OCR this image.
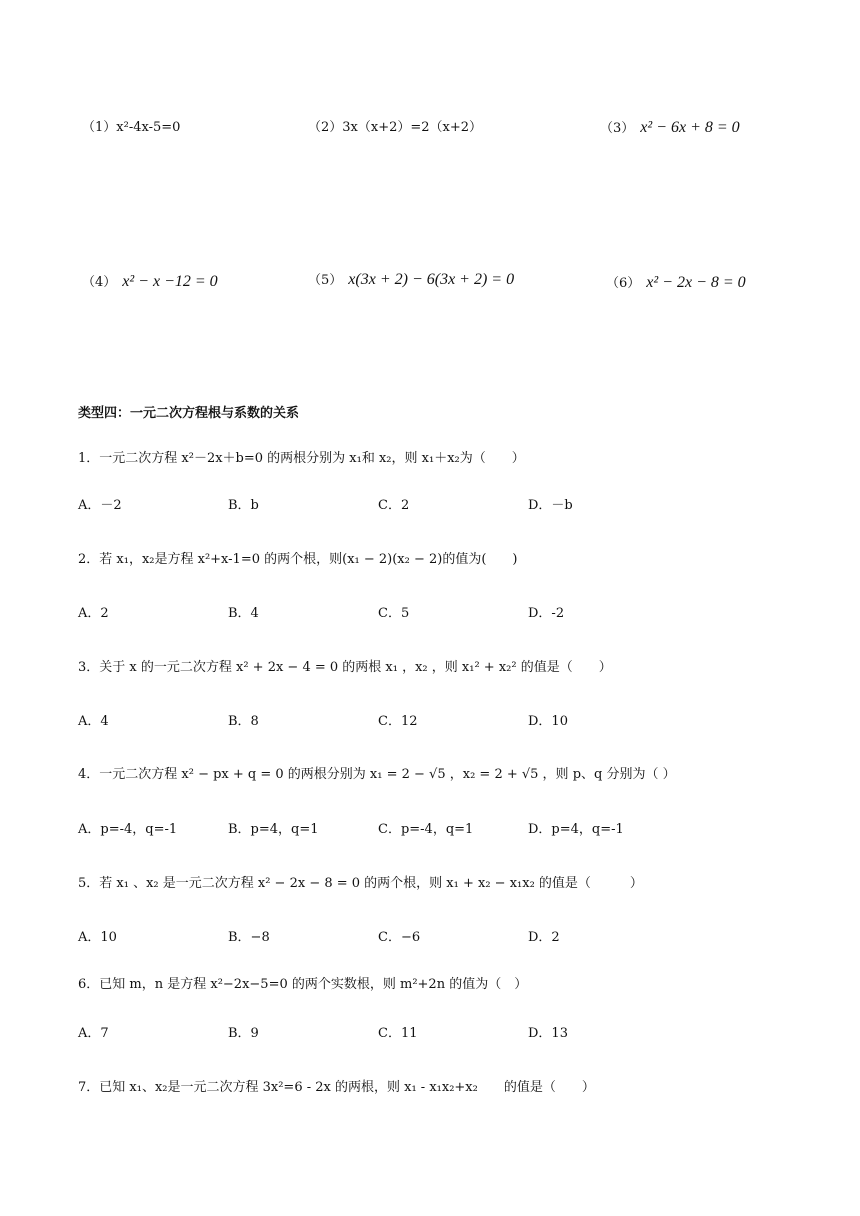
（1）x²-4x-5=0	（2）3x（x+2）=2（x+2）	（3） x² − 6x + 8 = 0
（4） x² − x −12 = 0	（5） x(3x + 2) − 6(3x + 2) = 0	（6） x² − 2x − 8 = 0
类型四：一元二次方程根与系数的关系
1．一元二次方程 x²－2x＋b=0 的两根分别为 x₁和 x₂，则 x₁＋x₂为（　　）
A．－2	B．b	C．2	D．－b
2．若 x₁，x₂是方程 x²+x-1=0 的两个根，则(x₁ − 2)(x₂ − 2)的值为(　　)
A．2	B．4	C．5	D．-2
3．关于 x 的一元二次方程 x² + 2x − 4 = 0 的两根 x₁ ，x₂ ，则 x₁² + x₂² 的值是（　　）
A．4	B．8	C．12	D．10
4．一元二次方程 x² − px + q = 0 的两根分别为 x₁ = 2 − √5 ，x₂ = 2 + √5 ，则 p、q 分别为（ ）
A．p=-4，q=-1	B．p=4，q=1	C．p=-4，q=1	D．p=4，q=-1
5．若 x₁ 、x₂ 是一元二次方程 x² − 2x − 8 = 0 的两个根，则 x₁ + x₂ − x₁x₂ 的值是（　　　）
A．10	B．−8	C．−6	D．2
6．已知 m，n 是方程 x²−2x−5=0 的两个实数根，则 m²+2n 的值为（　）
A．7	B．9	C．11	D．13
7．已知 x₁、x₂是一元二次方程 3x²=6 - 2x 的两根，则 x₁ - x₁x₂+x₂　　的值是（　　）
